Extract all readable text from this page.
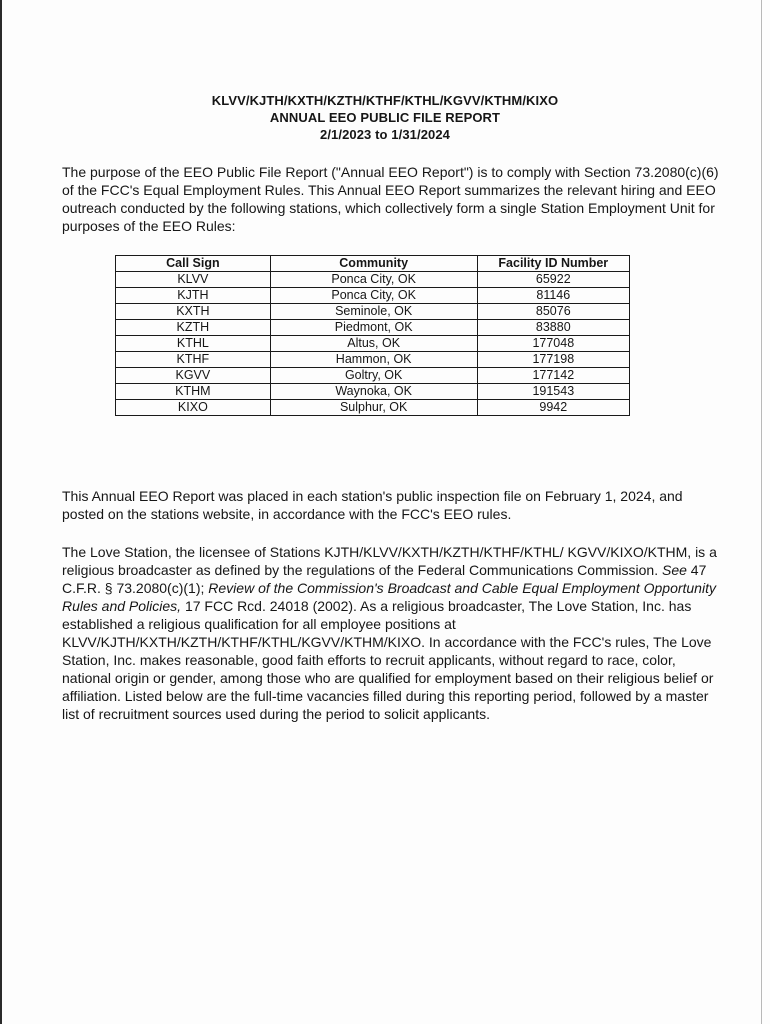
KLVV/KJTH/KXTH/KZTH/KTHF/KTHL/KGVV/KTHM/KIXO
ANNUAL EEO PUBLIC FILE REPORT
2/1/2023 to 1/31/2024
The purpose of the EEO Public File Report ("Annual EEO Report") is to comply with Section 73.2080(c)(6) of the FCC's Equal Employment Rules. This Annual EEO Report summarizes the relevant hiring and EEO outreach conducted by the following stations, which collectively form a single Station Employment Unit for purposes of the EEO Rules:
Call Sign	Community	Facility ID Number
KLVV	Ponca City, OK	65922
KJTH	Ponca City, OK	81146
KXTH	Seminole, OK	85076
KZTH	Piedmont, OK	83880
KTHL	Altus, OK	177048
KTHF	Hammon, OK	177198
KGVV	Goltry, OK	177142
KTHM	Waynoka, OK	191543
KIXO	Sulphur, OK	9942
This Annual EEO Report was placed in each station's public inspection file on February 1, 2024, and posted on the stations website, in accordance with the FCC's EEO rules.
The Love Station, the licensee of Stations KJTH/KLVV/KXTH/KZTH/KTHF/KTHL/ KGVV/KIXO/KTHM, is a religious broadcaster as defined by the regulations of the Federal Communications Commission. See 47 C.F.R. § 73.2080(c)(1); Review of the Commission's Broadcast and Cable Equal Employment Opportunity Rules and Policies, 17 FCC Rcd. 24018 (2002). As a religious broadcaster, The Love Station, Inc. has established a religious qualification for all employee positions at KLVV/KJTH/KXTH/KZTH/KTHF/KTHL/KGVV/KTHM/KIXO. In accordance with the FCC's rules, The Love Station, Inc. makes reasonable, good faith efforts to recruit applicants, without regard to race, color, national origin or gender, among those who are qualified for employment based on their religious belief or affiliation. Listed below are the full-time vacancies filled during this reporting period, followed by a master list of recruitment sources used during the period to solicit applicants.
